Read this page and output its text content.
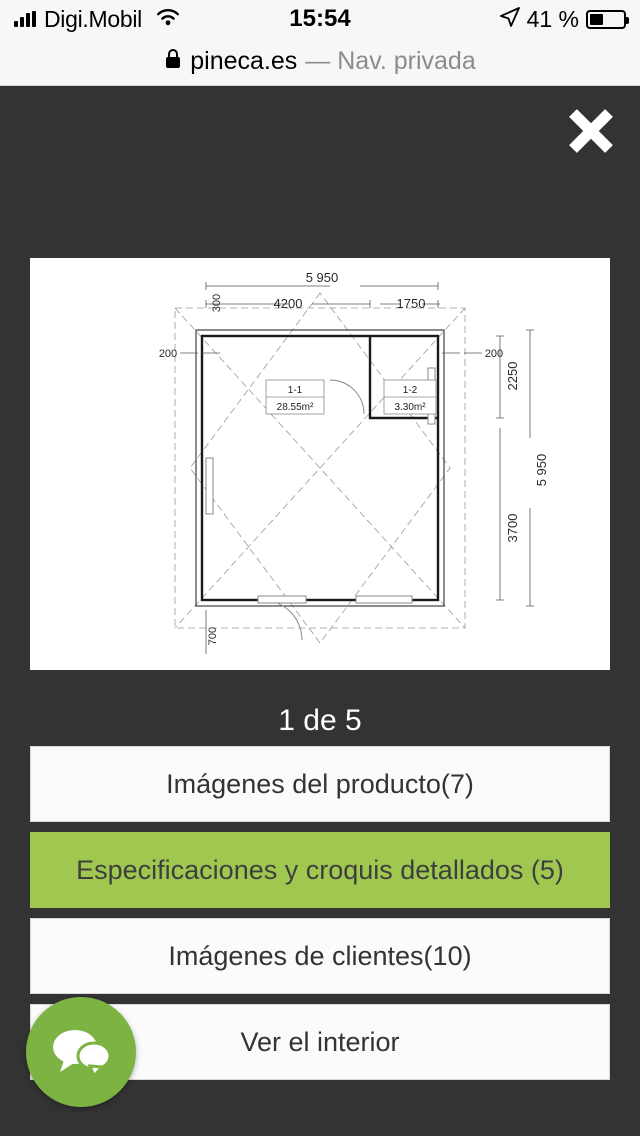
Digi.Mobil	15:54	41 %
pineca.es — Nav. privada
5 950
4200	1750
300
200	200
2250
5 950
3700
700
1-1
28.55m²
1-2
3.30m²
1 de 5
Imágenes del producto(7)
Especificaciones y croquis detallados (5)
Imágenes de clientes(10)
Ver el interior
